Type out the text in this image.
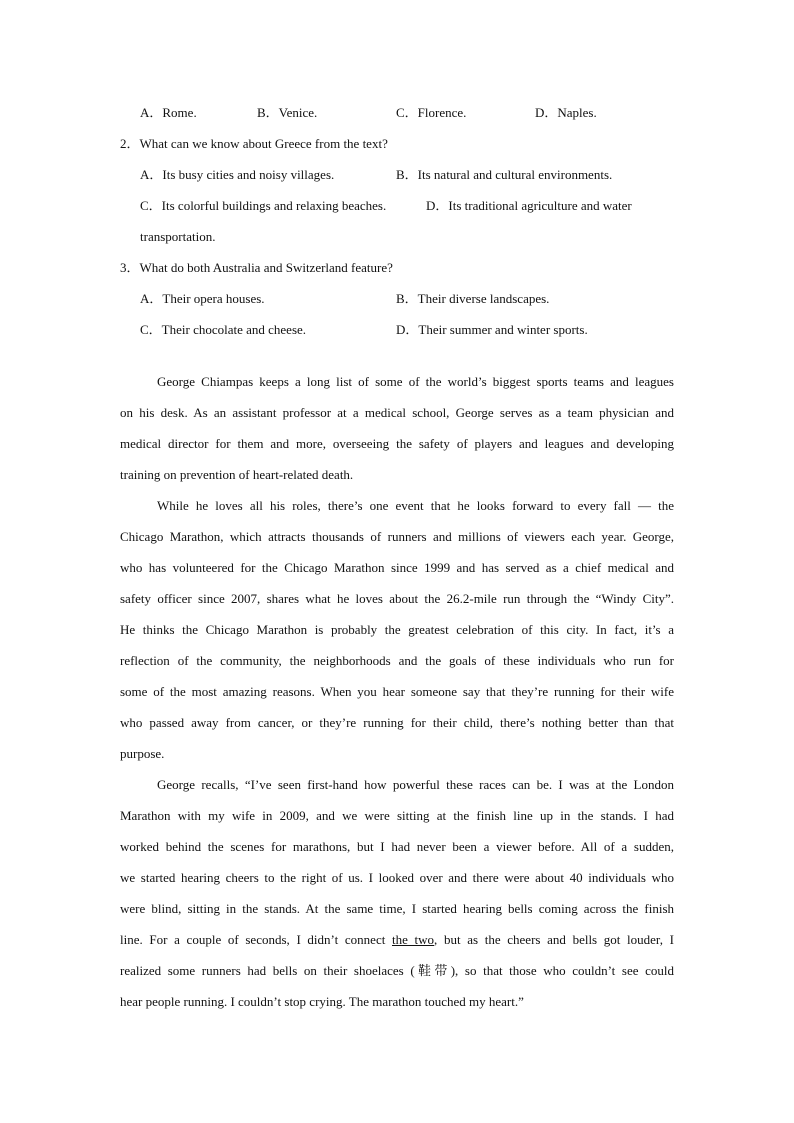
A．Rome.	B．Venice.	C．Florence.	D．Naples.
2．What can we know about Greece from the text?
A．Its busy cities and noisy villages.	B．Its natural and cultural environments.
C．Its colorful buildings and relaxing beaches.	D．Its traditional agriculture and water
transportation.
3．What do both Australia and Switzerland feature?
A．Their opera houses.	B．Their diverse landscapes.
C．Their chocolate and cheese.	D．Their summer and winter sports.

George Chiampas keeps a long list of some of the world’s biggest sports teams and leagues
on his desk. As an assistant professor at a medical school, George serves as a team physician and
medical director for them and more, overseeing the safety of players and leagues and developing
training on prevention of heart-related death.

While he loves all his roles, there’s one event that he looks forward to every fall — the
Chicago Marathon, which attracts thousands of runners and millions of viewers each year. George,
who has volunteered for the Chicago Marathon since 1999 and has served as a chief medical and
safety officer since 2007, shares what he loves about the 26.2-mile run through the “Windy City”.
He thinks the Chicago Marathon is probably the greatest celebration of this city. In fact, it’s a
reflection of the community, the neighborhoods and the goals of these individuals who run for
some of the most amazing reasons. When you hear someone say that they’re running for their wife
who passed away from cancer, or they’re running for their child, there’s nothing better than that
purpose.

George recalls, “I’ve seen first-hand how powerful these races can be. I was at the London
Marathon with my wife in 2009, and we were sitting at the finish line up in the stands. I had
worked behind the scenes for marathons, but I had never been a viewer before. All of a sudden,
we started hearing cheers to the right of us. I looked over and there were about 40 individuals who
were blind, sitting in the stands. At the same time, I started hearing bells coming across the finish
line. For a couple of seconds, I didn’t connect the two, but as the cheers and bells got louder, I
realized some runners had bells on their shoelaces (鞋带), so that those who couldn’t see could
hear people running. I couldn’t stop crying. The marathon touched my heart.”
